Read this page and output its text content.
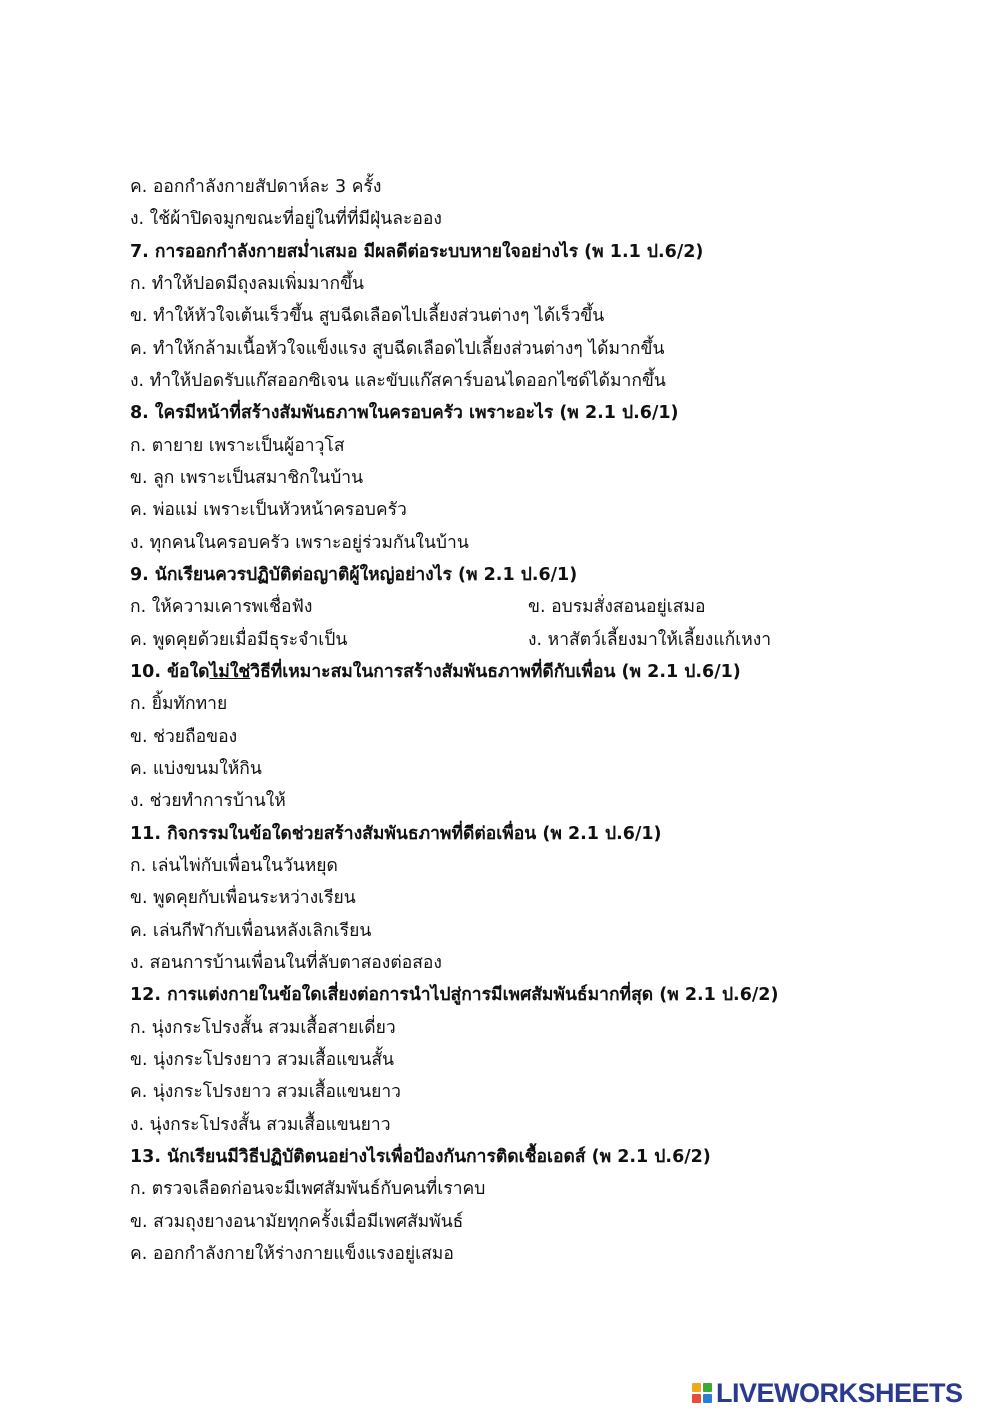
ค. ออกกำลังกายสัปดาห์ละ 3 ครั้ง
ง. ใช้ผ้าปิดจมูกขณะที่อยู่ในที่ที่มีฝุ่นละออง
7. การออกกำลังกายสม่ำเสมอ มีผลดีต่อระบบหายใจอย่างไร (พ 1.1 ป.6/2)
ก. ทำให้ปอดมีถุงลมเพิ่มมากขึ้น
ข. ทำให้หัวใจเต้นเร็วขึ้น สูบฉีดเลือดไปเลี้ยงส่วนต่างๆ ได้เร็วขึ้น
ค. ทำให้กล้ามเนื้อหัวใจแข็งแรง สูบฉีดเลือดไปเลี้ยงส่วนต่างๆ ได้มากขึ้น
ง. ทำให้ปอดรับแก๊สออกซิเจน และขับแก๊สคาร์บอนไดออกไซด์ได้มากขึ้น
8. ใครมีหน้าที่สร้างสัมพันธภาพในครอบครัว เพราะอะไร (พ 2.1 ป.6/1)
ก. ตายาย เพราะเป็นผู้อาวุโส
ข. ลูก เพราะเป็นสมาชิกในบ้าน
ค. พ่อแม่ เพราะเป็นหัวหน้าครอบครัว
ง. ทุกคนในครอบครัว เพราะอยู่ร่วมกันในบ้าน
9. นักเรียนควรปฏิบัติต่อญาติผู้ใหญ่อย่างไร (พ 2.1 ป.6/1)
ก. ให้ความเคารพเชื่อฟัง	ข. อบรมสั่งสอนอยู่เสมอ
ค. พูดคุยด้วยเมื่อมีธุระจำเป็น	ง. หาสัตว์เลี้ยงมาให้เลี้ยงแก้เหงา
10. ข้อใดไม่ใช่วิธีที่เหมาะสมในการสร้างสัมพันธภาพที่ดีกับเพื่อน (พ 2.1 ป.6/1)
ก. ยิ้มทักทาย
ข. ช่วยถือของ
ค. แบ่งขนมให้กิน
ง. ช่วยทำการบ้านให้
11. กิจกรรมในข้อใดช่วยสร้างสัมพันธภาพที่ดีต่อเพื่อน (พ 2.1 ป.6/1)
ก. เล่นไพ่กับเพื่อนในวันหยุด
ข. พูดคุยกับเพื่อนระหว่างเรียน
ค. เล่นกีฬากับเพื่อนหลังเลิกเรียน
ง. สอนการบ้านเพื่อนในที่ลับตาสองต่อสอง
12. การแต่งกายในข้อใดเสี่ยงต่อการนำไปสู่การมีเพศสัมพันธ์มากที่สุด (พ 2.1 ป.6/2)
ก. นุ่งกระโปรงสั้น สวมเสื้อสายเดี่ยว
ข. นุ่งกระโปรงยาว สวมเสื้อแขนสั้น
ค. นุ่งกระโปรงยาว สวมเสื้อแขนยาว
ง. นุ่งกระโปรงสั้น สวมเสื้อแขนยาว
13. นักเรียนมีวิธีปฏิบัติตนอย่างไรเพื่อป้องกันการติดเชื้อเอดส์ (พ 2.1 ป.6/2)
ก. ตรวจเลือดก่อนจะมีเพศสัมพันธ์กับคนที่เราคบ
ข. สวมถุงยางอนามัยทุกครั้งเมื่อมีเพศสัมพันธ์
ค. ออกกำลังกายให้ร่างกายแข็งแรงอยู่เสมอ
LIVEWORKSHEETS
